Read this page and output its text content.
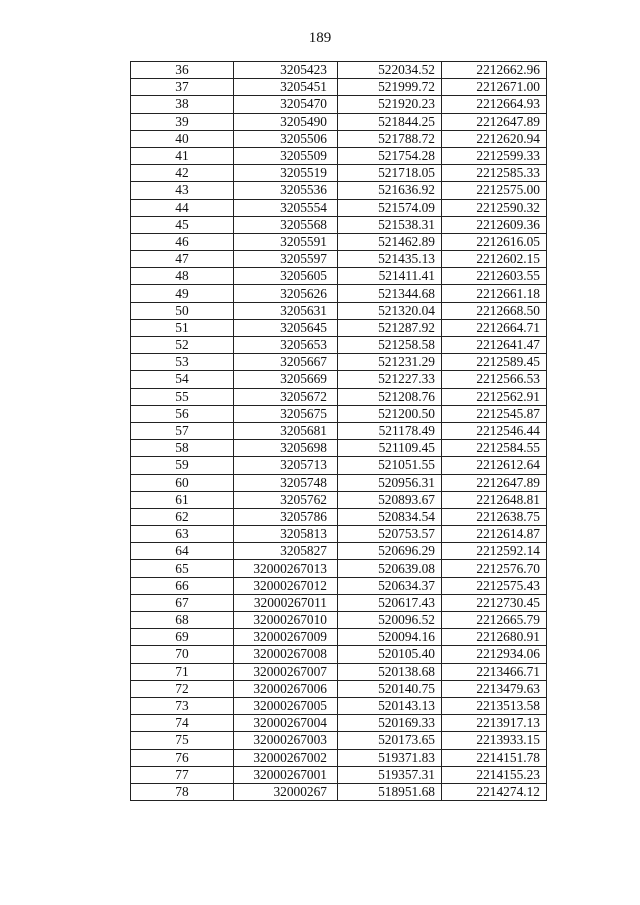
189
36	3205423	522034.52	2212662.96
37	3205451	521999.72	2212671.00
38	3205470	521920.23	2212664.93
39	3205490	521844.25	2212647.89
40	3205506	521788.72	2212620.94
41	3205509	521754.28	2212599.33
42	3205519	521718.05	2212585.33
43	3205536	521636.92	2212575.00
44	3205554	521574.09	2212590.32
45	3205568	521538.31	2212609.36
46	3205591	521462.89	2212616.05
47	3205597	521435.13	2212602.15
48	3205605	521411.41	2212603.55
49	3205626	521344.68	2212661.18
50	3205631	521320.04	2212668.50
51	3205645	521287.92	2212664.71
52	3205653	521258.58	2212641.47
53	3205667	521231.29	2212589.45
54	3205669	521227.33	2212566.53
55	3205672	521208.76	2212562.91
56	3205675	521200.50	2212545.87
57	3205681	521178.49	2212546.44
58	3205698	521109.45	2212584.55
59	3205713	521051.55	2212612.64
60	3205748	520956.31	2212647.89
61	3205762	520893.67	2212648.81
62	3205786	520834.54	2212638.75
63	3205813	520753.57	2212614.87
64	3205827	520696.29	2212592.14
65	32000267013	520639.08	2212576.70
66	32000267012	520634.37	2212575.43
67	32000267011	520617.43	2212730.45
68	32000267010	520096.52	2212665.79
69	32000267009	520094.16	2212680.91
70	32000267008	520105.40	2212934.06
71	32000267007	520138.68	2213466.71
72	32000267006	520140.75	2213479.63
73	32000267005	520143.13	2213513.58
74	32000267004	520169.33	2213917.13
75	32000267003	520173.65	2213933.15
76	32000267002	519371.83	2214151.78
77	32000267001	519357.31	2214155.23
78	32000267	518951.68	2214274.12
